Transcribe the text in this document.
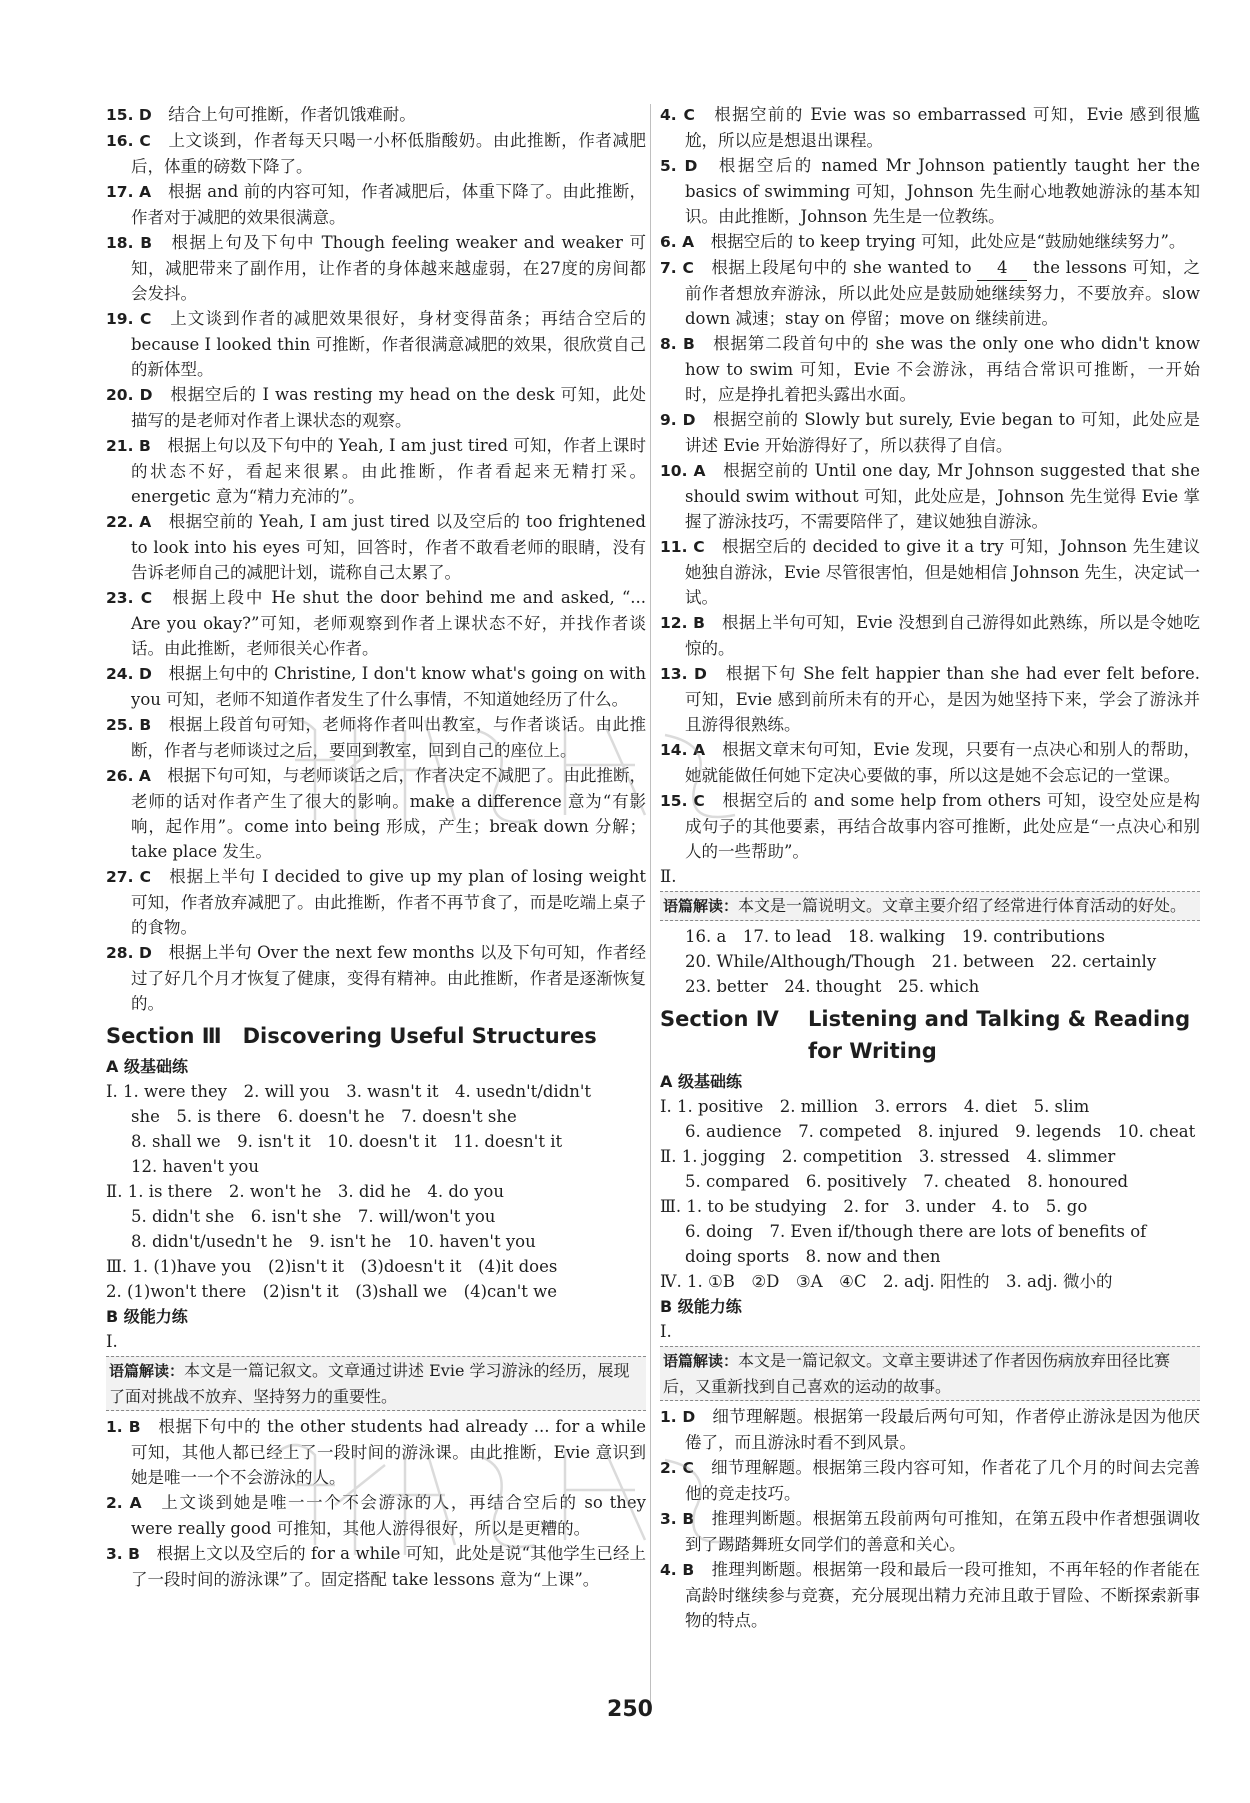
15. D　 结合上句可推断，作者饥饿难耐。

16. C　 上文谈到，作者每天只喝一小杯低脂酸奶。由此推断，作者减肥后，体重的磅数下降了。

17. A　 根据 and 前的内容可知，作者减肥后，体重下降了。由此推断，作者对于减肥的效果很满意。

18. B　 根据上句及下句中 Though feeling weaker and weaker 可知，减肥带来了副作用，让作者的身体越来越虚弱，在27度的房间都会发抖。

19. C　 上文谈到作者的减肥效果很好，身材变得苗条；再结合空后的 because I looked thin 可推断，作者很满意减肥的效果，很欣赏自己的新体型。

20. D　 根据空后的 I was resting my head on the desk 可知，此处描写的是老师对作者上课状态的观察。

21. B　 根据上句以及下句中的 Yeah, I am just tired 可知，作者上课时的状态不好，看起来很累。由此推断，作者看起来无精打采。energetic 意为“精力充沛的”。

22. A　 根据空前的 Yeah, I am just tired 以及空后的 too frightened to look into his eyes 可知，回答时，作者不敢看老师的眼睛，没有告诉老师自己的减肥计划，谎称自己太累了。

23. C　 根据上段中 He shut the door behind me and asked, “... Are you okay?”可知，老师观察到作者上课状态不好，并找作者谈话。由此推断，老师很关心作者。

24. D　 根据上句中的 Christine, I don't know what's going on with you 可知，老师不知道作者发生了什么事情，不知道她经历了什么。

25. B　 根据上段首句可知，老师将作者叫出教室，与作者谈话。由此推断，作者与老师谈过之后，要回到教室，回到自己的座位上。

26. A　 根据下句可知，与老师谈话之后，作者决定不减肥了。由此推断，老师的话对作者产生了很大的影响。make a difference 意为“有影响，起作用”。come into being 形成，产生；break down 分解；take place 发生。

27. C　 根据上半句 I decided to give up my plan of losing weight 可知，作者放弃减肥了。由此推断，作者不再节食了，而是吃端上桌子的食物。

28. D　 根据上半句 Over the next few months 以及下句可知，作者经过了好几个月才恢复了健康，变得有精神。由此推断，作者是逐渐恢复的。

Section Ⅲ　 Discovering Useful Structures

A 级基础练

Ⅰ. 1. were they　2. will you　3. wasn't it　4. usedn't/didn't

she　5. is there　6. doesn't he　7. doesn't she

8. shall we　9. isn't it　10. doesn't it　11. doesn't it

12. haven't you

Ⅱ. 1. is there　2. won't he　3. did he　4. do you

5. didn't she　6. isn't she　7. will/won't you

8. didn't/usedn't he　9. isn't he　10. haven't you

Ⅲ. 1. (1)have you　(2)isn't it　(3)doesn't it　(4)it does

2. (1)won't there　(2)isn't it　(3)shall we　(4)can't we

B 级能力练

Ⅰ.

语篇解读：本文是一篇记叙文。文章通过讲述 Evie 学习游泳的经历，展现了面对挑战不放弃、坚持努力的重要性。

1. B　 根据下句中的 the other students had already ... for a while 可知，其他人都已经上了一段时间的游泳课。由此推断，Evie 意识到她是唯一一个不会游泳的人。

2. A　 上文谈到她是唯一一个不会游泳的人，再结合空后的 so they were really good 可推知，其他人游得很好，所以是更糟的。

3. B　 根据上文以及空后的 for a while 可知，此处是说“其他学生已经上了一段时间的游泳课”了。固定搭配 take lessons 意为“上课”。

4. C　 根据空前的 Evie was so embarrassed 可知，Evie 感到很尴尬，所以应是想退出课程。

5. D　 根据空后的 named Mr Johnson patiently taught her the basics of swimming 可知，Johnson 先生耐心地教她游泳的基本知识。由此推断，Johnson 先生是一位教练。

6. A　 根据空后的 to keep trying 可知，此处应是“鼓励她继续努力”。

7. C　 根据上段尾句中的 she wanted to 4 the lessons 可知，之前作者想放弃游泳，所以此处应是鼓励她继续努力，不要放弃。slow down 减速；stay on 停留；move on 继续前进。

8. B　 根据第二段首句中的 she was the only one who didn't know how to swim 可知，Evie 不会游泳，再结合常识可推断，一开始时，应是挣扎着把头露出水面。

9. D　 根据空前的 Slowly but surely, Evie began to 可知，此处应是讲述 Evie 开始游得好了，所以获得了自信。

10. A　 根据空前的 Until one day, Mr Johnson suggested that she should swim without 可知，此处应是，Johnson 先生觉得 Evie 掌握了游泳技巧，不需要陪伴了，建议她独自游泳。

11. C　 根据空后的 decided to give it a try 可知，Johnson 先生建议她独自游泳，Evie 尽管很害怕，但是她相信 Johnson 先生，决定试一试。

12. B　 根据上半句可知，Evie 没想到自己游得如此熟练，所以是令她吃惊的。

13. D　 根据下句 She felt happier than she had ever felt before. 可知，Evie 感到前所未有的开心，是因为她坚持下来，学会了游泳并且游得很熟练。

14. A　 根据文章末句可知，Evie 发现，只要有一点决心和别人的帮助，她就能做任何她下定决心要做的事，所以这是她不会忘记的一堂课。

15. C　 根据空后的 and some help from others 可知，设空处应是构成句子的其他要素，再结合故事内容可推断，此处应是“一点决心和别人的一些帮助”。

Ⅱ.

语篇解读：本文是一篇说明文。文章主要介绍了经常进行体育活动的好处。

16. a　17. to lead　18. walking　19. contributions

20. While/Although/Though　21. between　22. certainly

23. better　24. thought　25. which

Section Ⅳ	Listening and Talking & Reading
for Writing

A 级基础练

Ⅰ. 1. positive　2. million　3. errors　4. diet　5. slim

6. audience　7. competed　8. injured　9. legends　10. cheat

Ⅱ. 1. jogging　2. competition　3. stressed　4. slimmer

5. compared　6. positively　7. cheated　8. honoured

Ⅲ. 1. to be studying　2. for　3. under　4. to　5. go

6. doing　7. Even if/though there are lots of benefits of

doing sports　8. now and then

Ⅳ. 1. ①B　②D　③A　④C　2. adj. 阳性的　3. adj. 微小的

B 级能力练

Ⅰ.

语篇解读：本文是一篇记叙文。文章主要讲述了作者因伤病放弃田径比赛后，又重新找到自己喜欢的运动的故事。

1. D　 细节理解题。根据第一段最后两句可知，作者停止游泳是因为他厌倦了，而且游泳时看不到风景。

2. C　 细节理解题。根据第三段内容可知，作者花了几个月的时间去完善他的竞走技巧。

3. B　 推理判断题。根据第五段前两句可推知，在第五段中作者想强调收到了踢踏舞班女同学们的善意和关心。

4. B　 推理判断题。根据第一段和最后一段可推知，不再年轻的作者能在高龄时继续参与竞赛，充分展现出精力充沛且敢于冒险、不断探索新事物的特点。

250
